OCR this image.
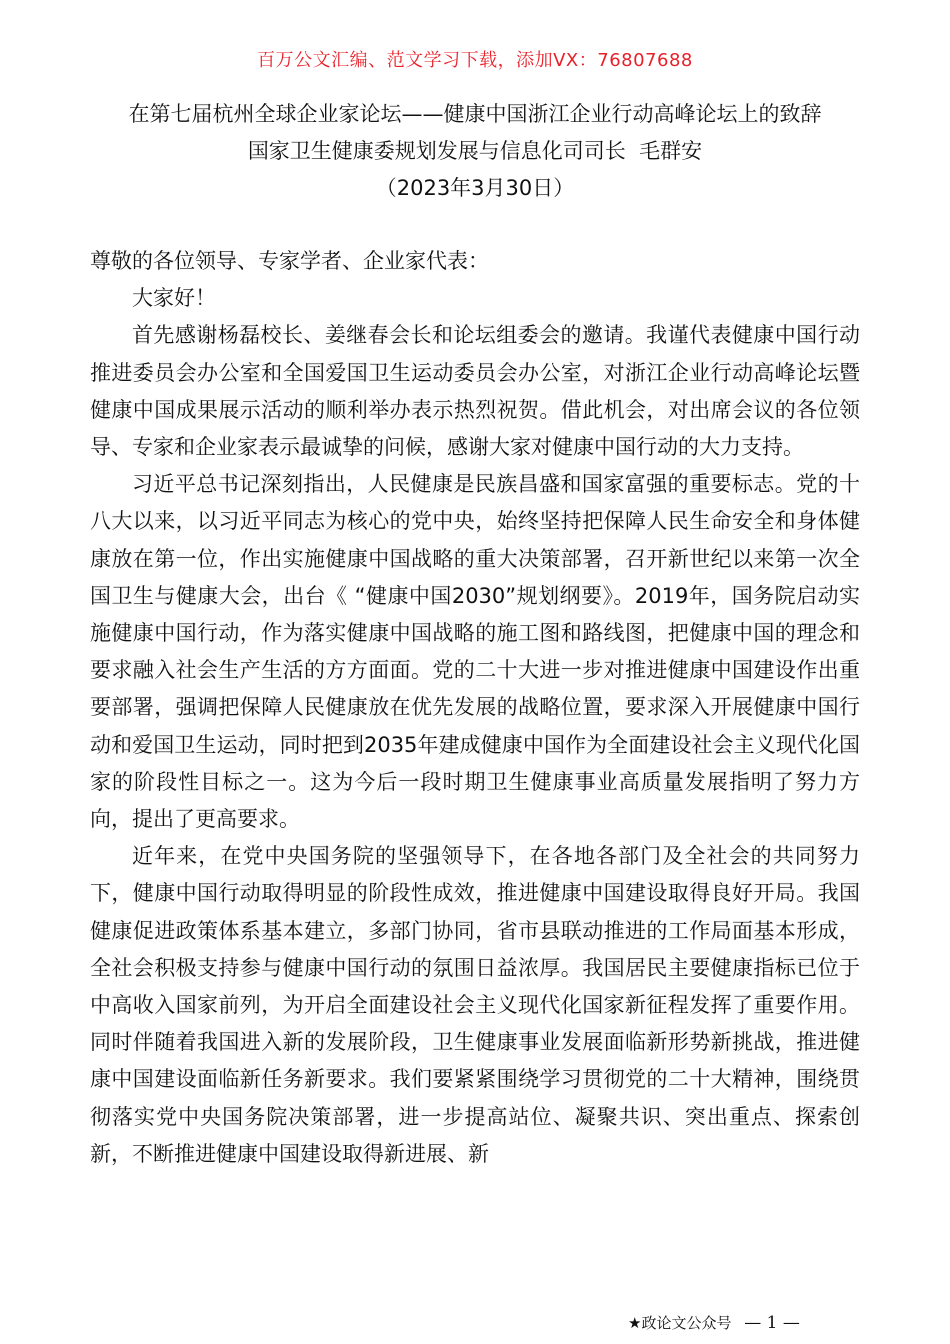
百万公文汇编、范文学习下载，添加VX：76807688
在第七届杭州全球企业家论坛——健康中国浙江企业行动高峰论坛上的致辞
国家卫生健康委规划发展与信息化司司长  毛群安
（2023年3月30日）

尊敬的各位领导、专家学者、企业家代表：

大家好！

首先感谢杨磊校长、姜继春会长和论坛组委会的邀请。我谨代表健康中国行动推进委员会办公室和全国爱国卫生运动委员会办公室，对浙江企业行动高峰论坛暨健康中国成果展示活动的顺利举办表示热烈祝贺。借此机会，对出席会议的各位领导、专家和企业家表示最诚挚的问候，感谢大家对健康中国行动的大力支持。

习近平总书记深刻指出，人民健康是民族昌盛和国家富强的重要标志。党的十八大以来，以习近平同志为核心的党中央，始终坚持把保障人民生命安全和身体健康放在第一位，作出实施健康中国战略的重大决策部署，召开新世纪以来第一次全国卫生与健康大会，出台《 “健康中国2030”规划纲要》。2019年，国务院启动实施健康中国行动，作为落实健康中国战略的施工图和路线图，把健康中国的理念和要求融入社会生产生活的方方面面。党的二十大进一步对推进健康中国建设作出重要部署，强调把保障人民健康放在优先发展的战略位置，要求深入开展健康中国行动和爱国卫生运动，同时把到2035年建成健康中国作为全面建设社会主义现代化国家的阶段性目标之一。这为今后一段时期卫生健康事业高质量发展指明了努力方向，提出了更高要求。

近年来，在党中央国务院的坚强领导下，在各地各部门及全社会的共同努力下，健康中国行动取得明显的阶段性成效，推进健康中国建设取得良好开局。我国健康促进政策体系基本建立，多部门协同，省市县联动推进的工作局面基本形成，全社会积极支持参与健康中国行动的氛围日益浓厚。我国居民主要健康指标已位于中高收入国家前列，为开启全面建设社会主义现代化国家新征程发挥了重要作用。同时伴随着我国进入新的发展阶段，卫生健康事业发展面临新形势新挑战，推进健康中国建设面临新任务新要求。我们要紧紧围绕学习贯彻党的二十大精神，围绕贯彻落实党中央国务院决策部署，进一步提高站位、凝聚共识、突出重点、探索创新，不断推进健康中国建设取得新进展、新

★政论文公众号 — 1 —
